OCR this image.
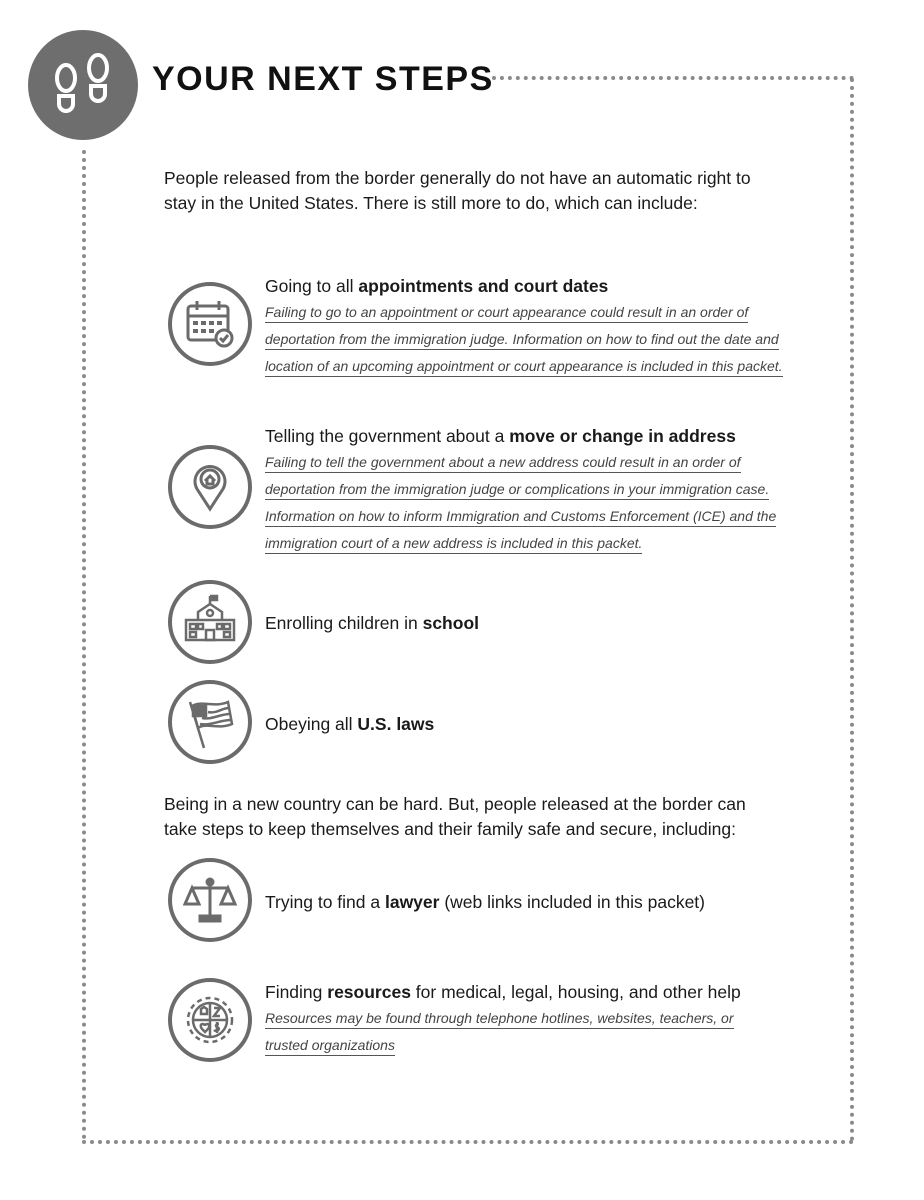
YOUR NEXT STEPS
People released from the border generally do not have an automatic right to
stay in the United States. There is still more to do, which can include:
Going to all appointments and court dates
Failing to go to an appointment or court appearance could result in an order of
deportation from the immigration judge. Information on how to find out the date and
location of an upcoming appointment or court appearance is included in this packet.
Telling the government about a move or change in address
Failing to tell the government about a new address could result in an order of
deportation from the immigration judge or complications in your immigration case.
Information on how to inform Immigration and Customs Enforcement (ICE) and the
immigration court of a new address is included in this packet.
Enrolling children in school
Obeying all U.S. laws
Being in a new country can be hard. But, people released at the border can
take steps to keep themselves and their family safe and secure, including:
Trying to find a lawyer (web links included in this packet)
Finding resources for medical, legal, housing, and other help
Resources may be found through telephone hotlines, websites, teachers, or
trusted organizations
